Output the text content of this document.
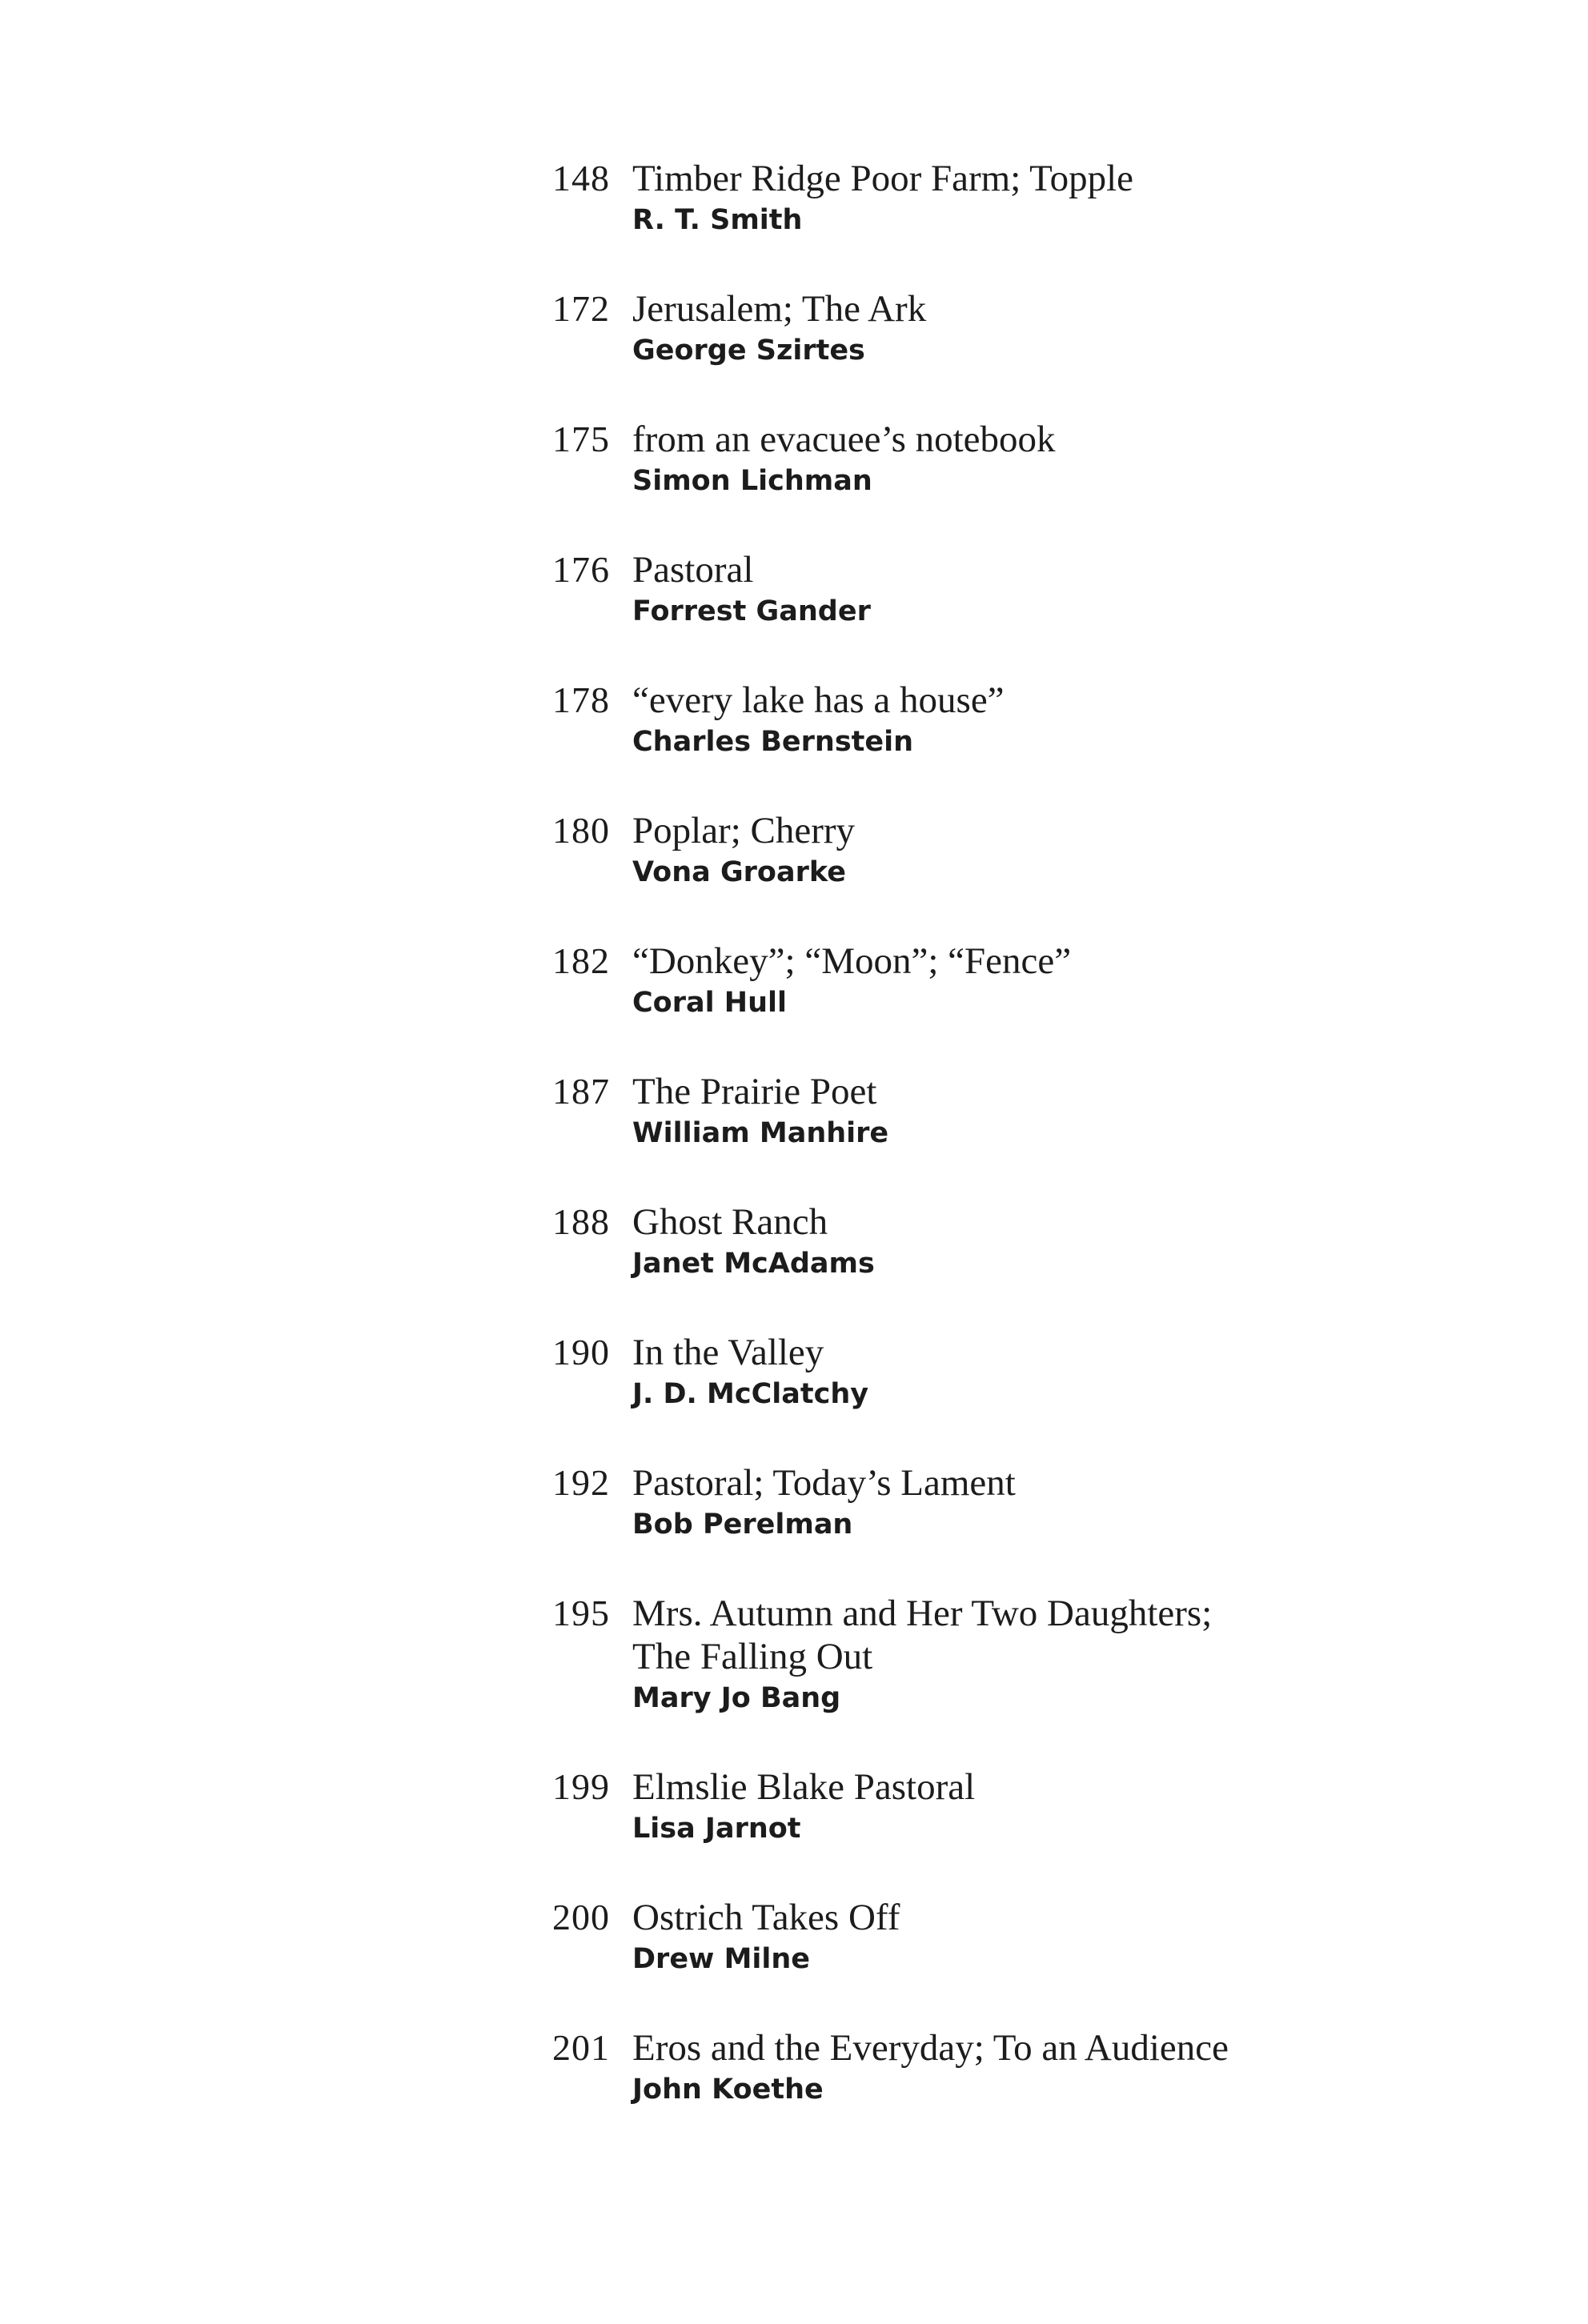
148 Timber Ridge Poor Farm; Topple
R. T. Smith
172 Jerusalem; The Ark
George Szirtes
175 from an evacuee’s notebook
Simon Lichman
176 Pastoral
Forrest Gander
178 “every lake has a house”
Charles Bernstein
180 Poplar; Cherry
Vona Groarke
182 “Donkey”; “Moon”; “Fence”
Coral Hull
187 The Prairie Poet
William Manhire
188 Ghost Ranch
Janet McAdams
190 In the Valley
J. D. McClatchy
192 Pastoral; Today’s Lament
Bob Perelman
195 Mrs. Autumn and Her Two Daughters; The Falling Out
Mary Jo Bang
199 Elmslie Blake Pastoral
Lisa Jarnot
200 Ostrich Takes Off
Drew Milne
201 Eros and the Everyday; To an Audience
John Koethe
